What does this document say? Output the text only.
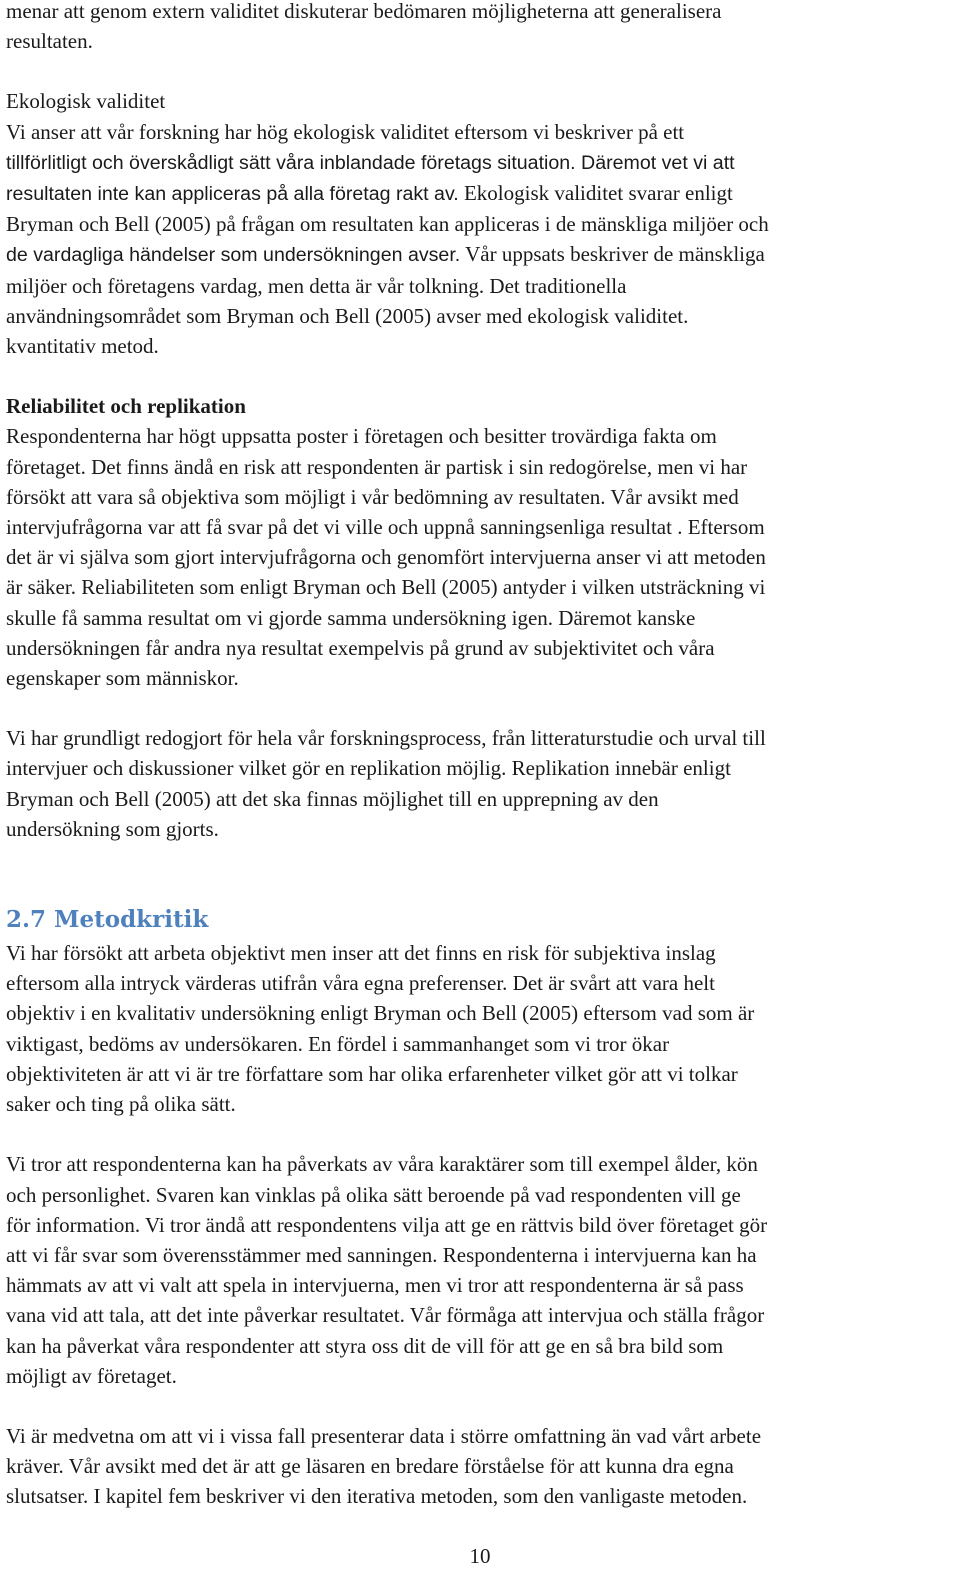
menar att genom extern validitet diskuterar bedömaren möjligheterna att generalisera
resultaten.

Ekologisk validitet
Vi anser att vår forskning har hög ekologisk validitet eftersom vi beskriver på ett
tillförlitligt och överskådligt sätt våra inblandade företags situation. Däremot vet vi att
resultaten inte kan appliceras på alla företag rakt av. Ekologisk validitet svarar enligt
Bryman och Bell (2005) på frågan om resultaten kan appliceras i de mänskliga miljöer och
de vardagliga händelser som undersökningen avser. Vår uppsats beskriver de mänskliga
miljöer och företagens vardag, men detta är vår tolkning. Det traditionella
användningsområdet som Bryman och Bell (2005) avser med ekologisk validitet.
kvantitativ metod.

Reliabilitet och replikation
Respondenterna har högt uppsatta poster i företagen och besitter trovärdiga fakta om
företaget. Det finns ändå en risk att respondenten är partisk i sin redogörelse, men vi har
försökt att vara så objektiva som möjligt i vår bedömning av resultaten. Vår avsikt med
intervjufrågorna var att få svar på det vi ville och uppnå sanningsenliga resultat . Eftersom
det är vi själva som gjort intervjufrågorna och genomfört intervjuerna anser vi att metoden
är säker. Reliabiliteten som enligt Bryman och Bell (2005) antyder i vilken utsträckning vi
skulle få samma resultat om vi gjorde samma undersökning igen. Däremot kanske
undersökningen får andra nya resultat exempelvis på grund av subjektivitet och våra
egenskaper som människor.

Vi har grundligt redogjort för hela vår forskningsprocess, från litteraturstudie och urval till
intervjuer och diskussioner vilket gör en replikation möjlig. Replikation innebär enligt
Bryman och Bell (2005) att det ska finnas möjlighet till en upprepning av den
undersökning som gjorts.

2.7 Metodkritik

Vi har försökt att arbeta objektivt men inser att det finns en risk för subjektiva inslag
eftersom alla intryck värderas utifrån våra egna preferenser. Det är svårt att vara helt
objektiv i en kvalitativ undersökning enligt Bryman och Bell (2005) eftersom vad som är
viktigast, bedöms av undersökaren. En fördel i sammanhanget som vi tror ökar
objektiviteten är att vi är tre författare som har olika erfarenheter vilket gör att vi tolkar
saker och ting på olika sätt.

Vi tror att respondenterna kan ha påverkats av våra karaktärer som till exempel ålder, kön
och personlighet. Svaren kan vinklas på olika sätt beroende på vad respondenten vill ge
för information. Vi tror ändå att respondentens vilja att ge en rättvis bild över företaget gör
att vi får svar som överensstämmer med sanningen. Respondenterna i intervjuerna kan ha
hämmats av att vi valt att spela in intervjuerna, men vi tror att respondenterna är så pass
vana vid att tala, att det inte påverkar resultatet. Vår förmåga att intervjua och ställa frågor
kan ha påverkat våra respondenter att styra oss dit de vill för att ge en så bra bild som
möjligt av företaget.

Vi är medvetna om att vi i vissa fall presenterar data i större omfattning än vad vårt arbete
kräver. Vår avsikt med det är att ge läsaren en bredare förståelse för att kunna dra egna
slutsatser. I kapitel fem beskriver vi den iterativa metoden, som den vanligaste metoden.

10
